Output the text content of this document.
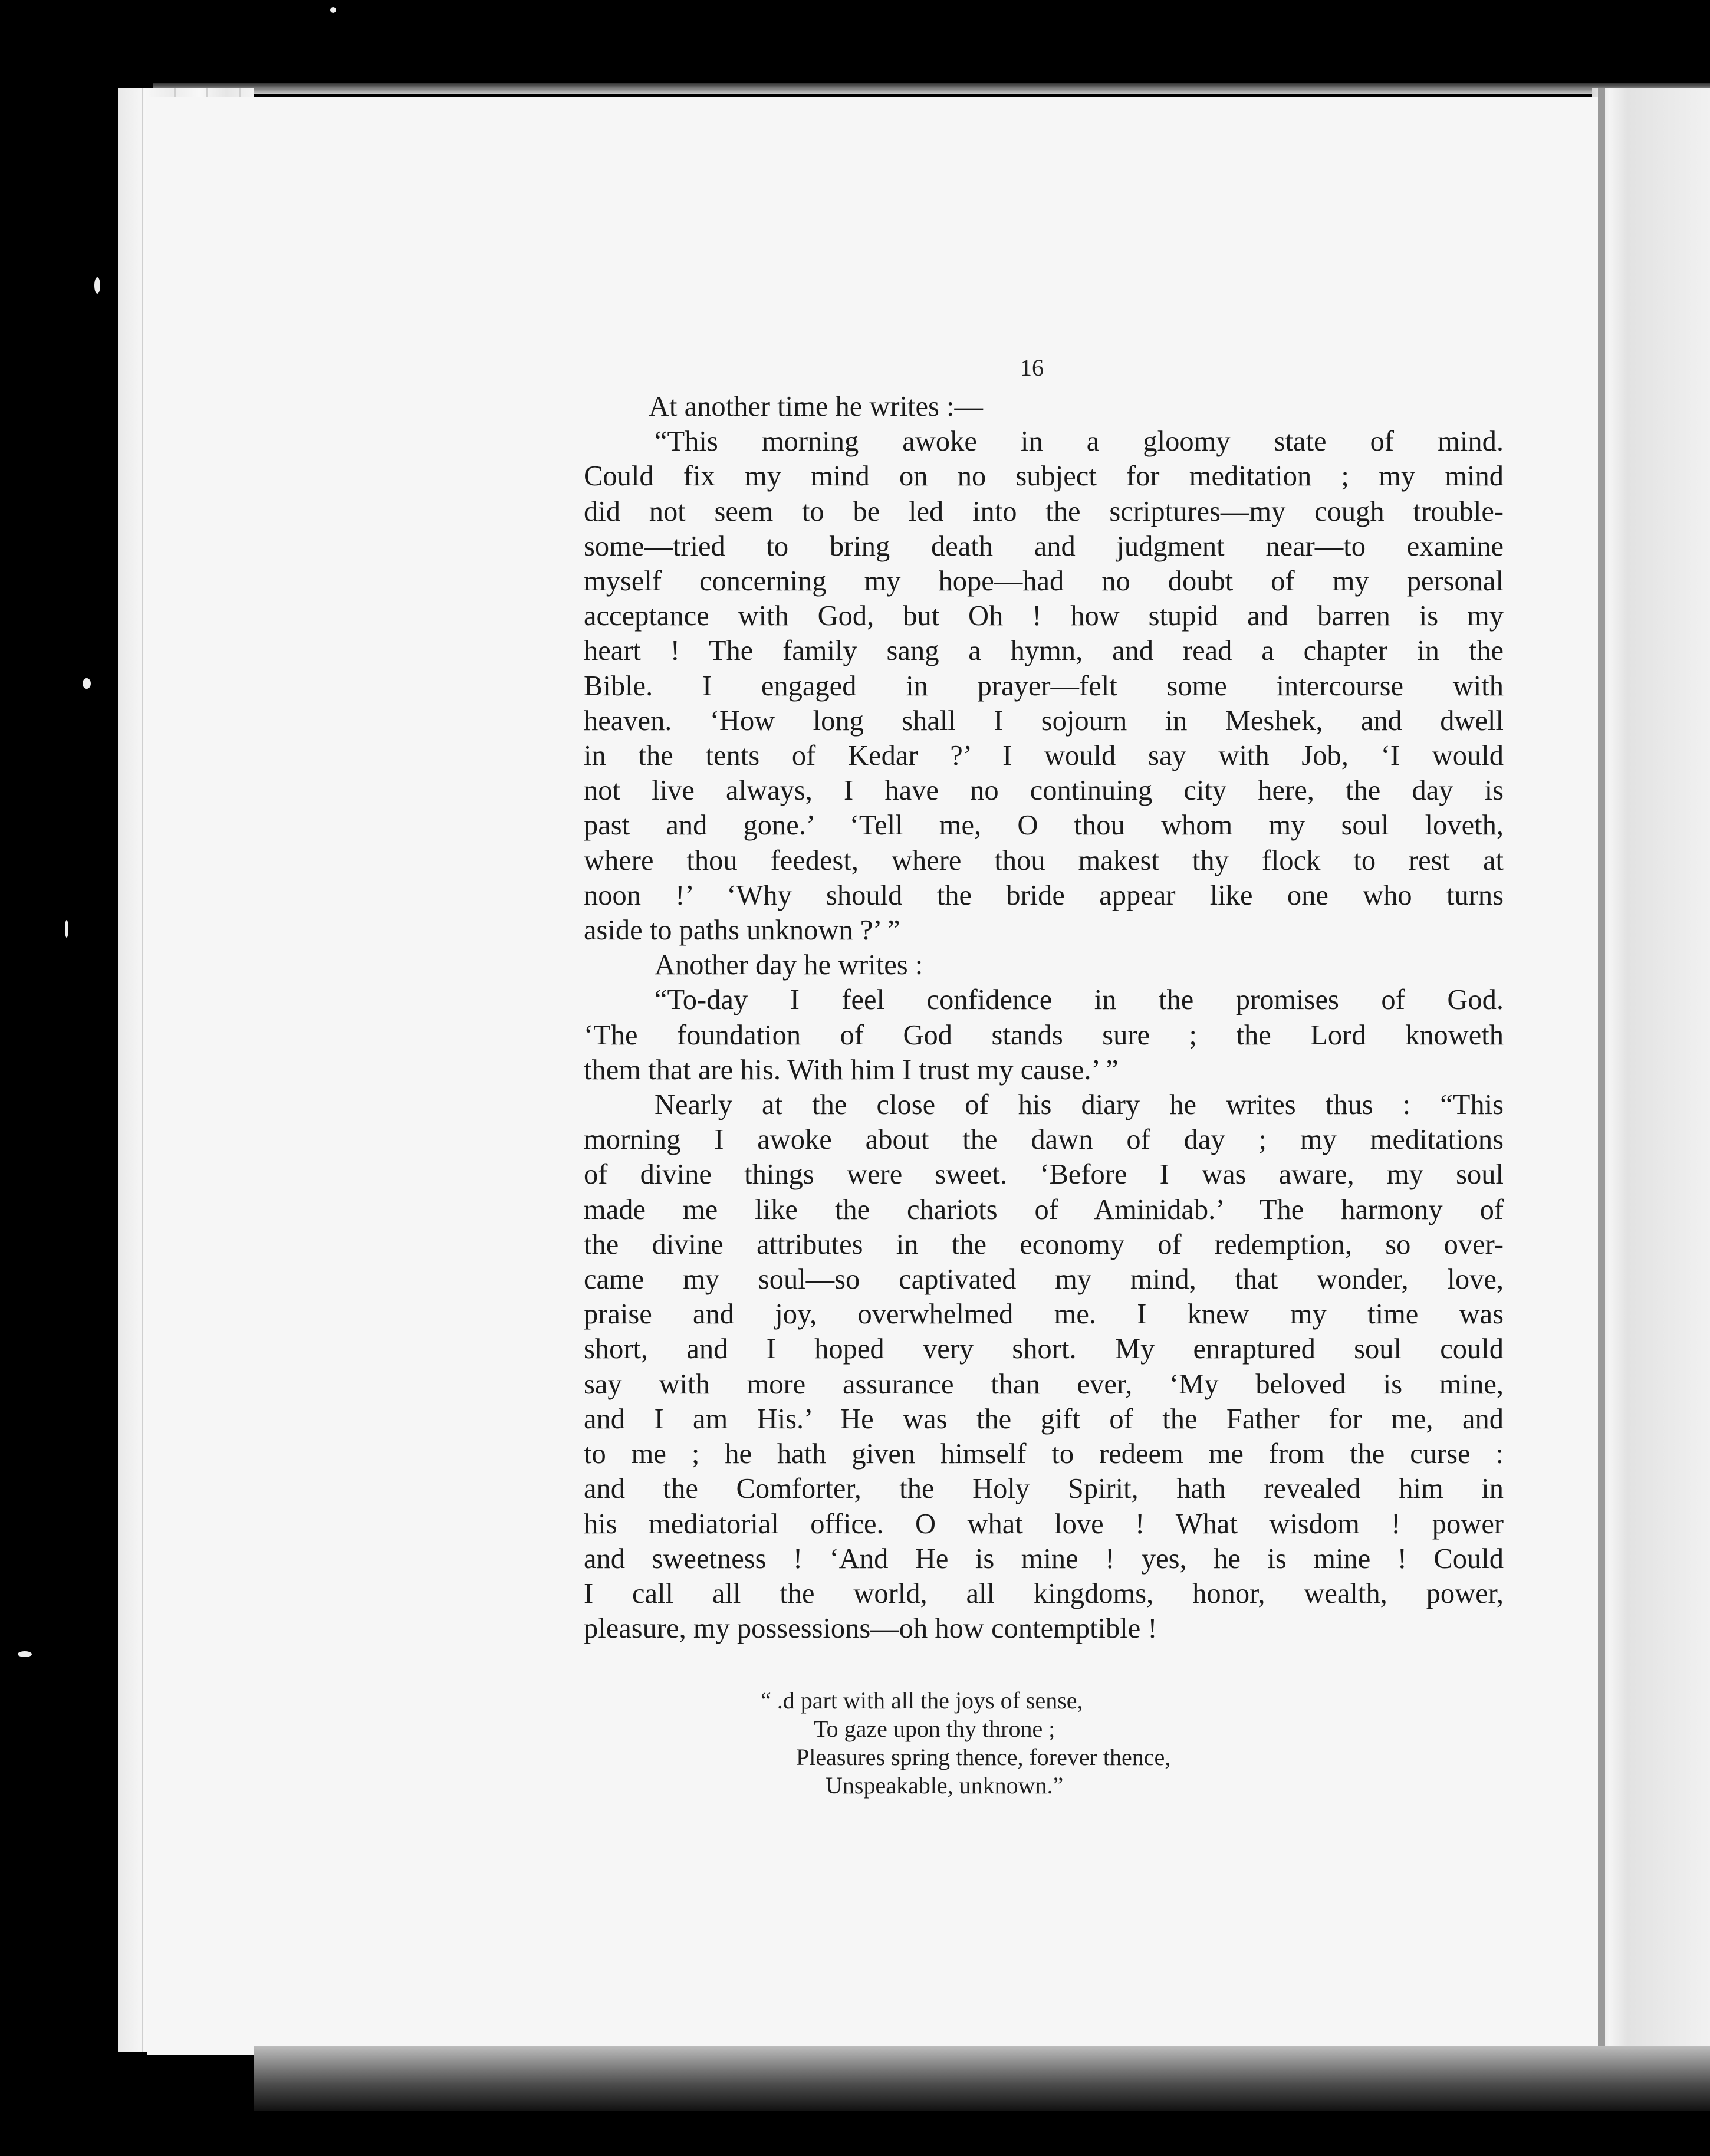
16
At another time he writes :—
“This morning awoke in a gloomy state of mind.
Could fix my mind on no subject for meditation ; my mind
did not seem to be led into the scriptures—my cough trouble-
some—tried to bring death and judgment near—to examine
myself concerning my hope—had no doubt of my personal
acceptance with God, but Oh ! how stupid and barren is my
heart ! The family sang a hymn, and read a chapter in the
Bible. I engaged in prayer—felt some intercourse with
heaven. ‘How long shall I sojourn in Meshek, and dwell
in the tents of Kedar ?’ I would say with Job, ‘I would
not live always, I have no continuing city here, the day is
past and gone.’ ‘Tell me, O thou whom my soul loveth,
where thou feedest, where thou makest thy flock to rest at
noon !’ ‘Why should the bride appear like one who turns
aside to paths unknown ?’ ”
Another day he writes :
“To-day I feel confidence in the promises of God.
‘The foundation of God stands sure ; the Lord knoweth
them that are his. With him I trust my cause.’ ”
Nearly at the close of his diary he writes thus : “This
morning I awoke about the dawn of day ; my meditations
of divine things were sweet. ‘Before I was aware, my soul
made me like the chariots of Aminidab.’ The harmony of
the divine attributes in the economy of redemption, so over-
came my soul—so captivated my mind, that wonder, love,
praise and joy, overwhelmed me. I knew my time was
short, and I hoped very short. My enraptured soul could
say with more assurance than ever, ‘My beloved is mine,
and I am His.’ He was the gift of the Father for me, and
to me ; he hath given himself to redeem me from the curse :
and the Comforter, the Holy Spirit, hath revealed him in
his mediatorial office. O what love ! What wisdom ! power
and sweetness ! ‘And He is mine ! yes, he is mine ! Could
I call all the world, all kingdoms, honor, wealth, power,
pleasure, my possessions—oh how contemptible !
“ .d part with all the joys of sense,
To gaze upon thy throne ;
Pleasures spring thence, forever thence,
Unspeakable, unknown.”
